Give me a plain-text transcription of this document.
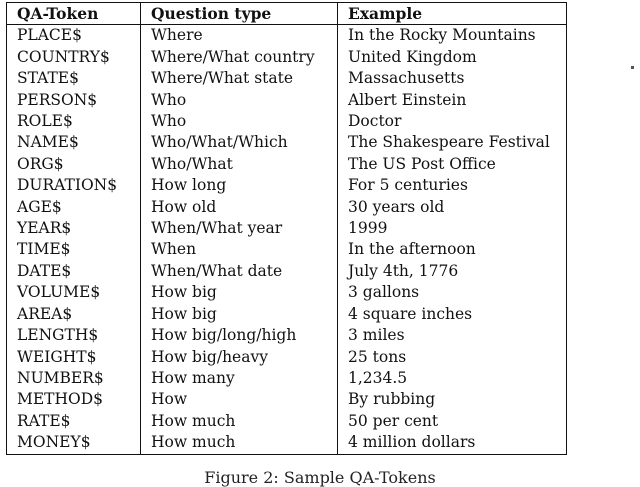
QA-Token	Question type	Example
PLACE$	Where	In the Rocky Mountains
COUNTRY$	Where/What country	United Kingdom
STATE$	Where/What state	Massachusetts
PERSON$	Who	Albert Einstein
ROLE$	Who	Doctor
NAME$	Who/What/Which	The Shakespeare Festival
ORG$	Who/What	The US Post Office
DURATION$	How long	For 5 centuries
AGE$	How old	30 years old
YEAR$	When/What year	1999
TIME$	When	In the afternoon
DATE$	When/What date	July 4th, 1776
VOLUME$	How big	3 gallons
AREA$	How big	4 square inches
LENGTH$	How big/long/high	3 miles
WEIGHT$	How big/heavy	25 tons
NUMBER$	How many	1,234.5
METHOD$	How	By rubbing
RATE$	How much	50 per cent
MONEY$	How much	4 million dollars
Figure 2: Sample QA-Tokens
